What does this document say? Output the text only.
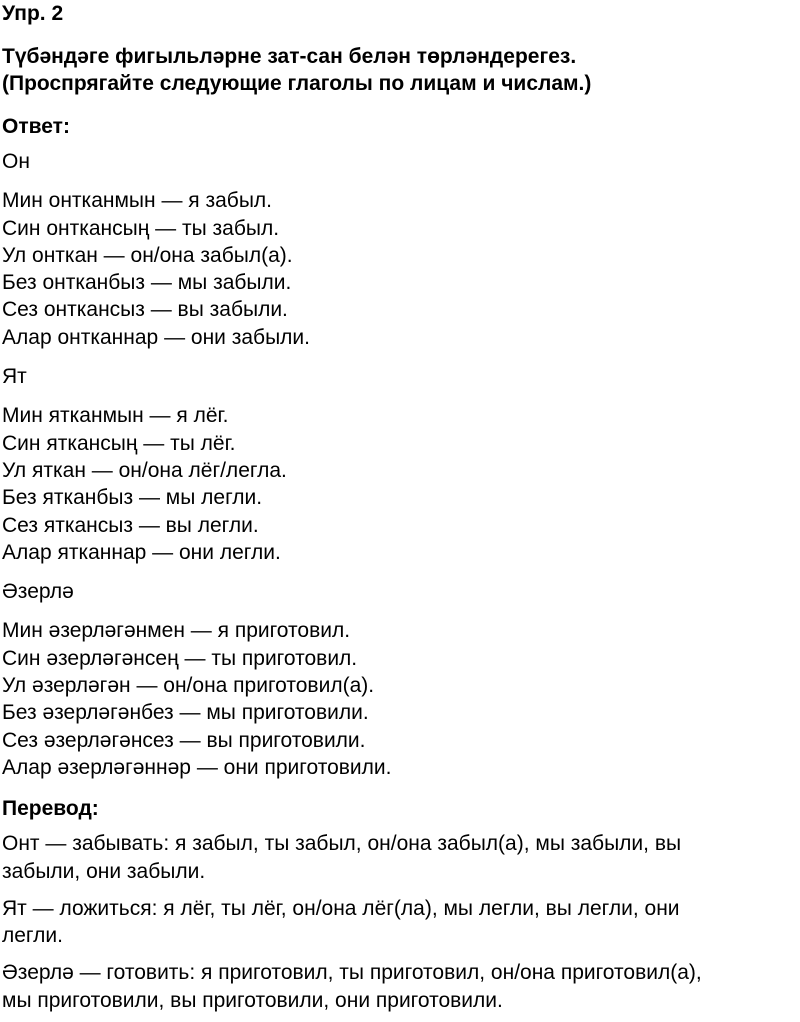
Упр. 2
Түбәндәге фигыльләрне зат-сан белән төрләндерегез.
(Проспрягайте следующие глаголы по лицам и числам.)
Ответ:
Он
Мин онтканмын — я забыл.
Син онткансың — ты забыл.
Ул онткан — он/она забыл(а).
Без онтканбыз — мы забыли.
Сез онткансыз — вы забыли.
Алар онтканнар — они забыли.
Ят
Мин ятканмын — я лёг.
Син яткансың — ты лёг.
Ул яткан — он/она лёг/легла.
Без ятканбыз — мы легли.
Сез яткансыз — вы легли.
Алар ятканнар — они легли.
Әзерлә
Мин әзерләгәнмен — я приготовил.
Син әзерләгәнсең — ты приготовил.
Ул әзерләгән — он/она приготовил(а).
Без әзерләгәнбез — мы приготовили.
Сез әзерләгәнсез — вы приготовили.
Алар әзерләгәннәр — они приготовили.
Перевод:
Онт — забывать: я забыл, ты забыл, он/она забыл(а), мы забыли, вы
забыли, они забыли.
Ят — ложиться: я лёг, ты лёг, он/она лёг(ла), мы легли, вы легли, они
легли.
Әзерлә — готовить: я приготовил, ты приготовил, он/она приготовил(а),
мы приготовили, вы приготовили, они приготовили.
